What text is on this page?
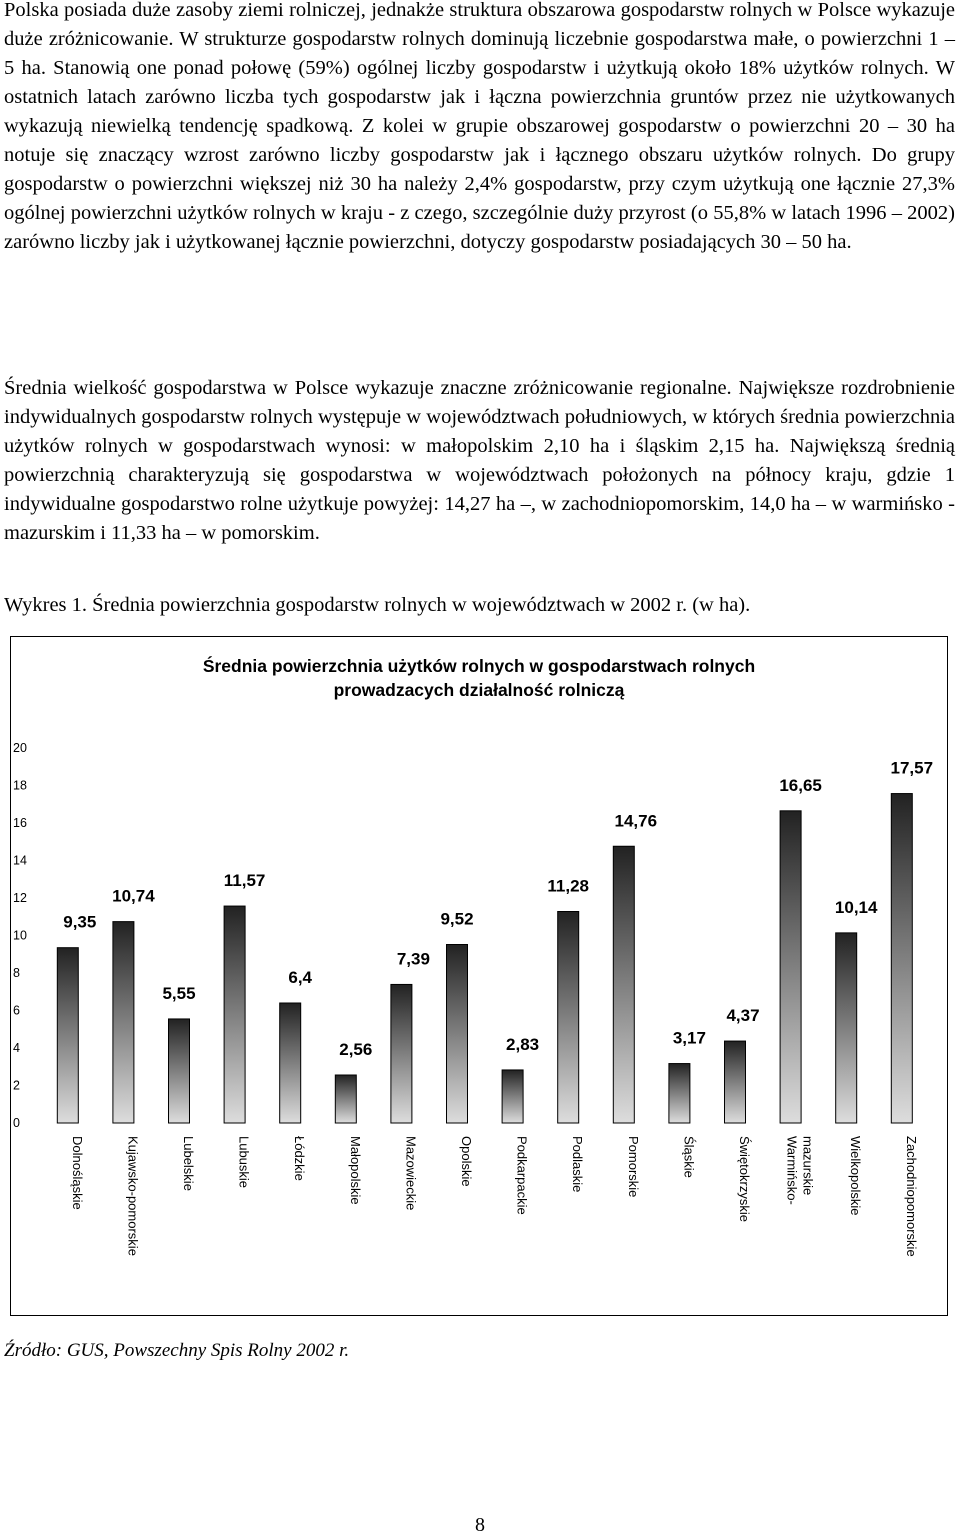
Polska posiada duże zasoby ziemi rolniczej, jednakże struktura obszarowa gospodarstw rolnych w Polsce wykazuje duże zróżnicowanie. W strukturze gospodarstw rolnych dominują liczebnie gospodarstwa małe, o powierzchni 1 – 5 ha. Stanowią one ponad połowę (59%) ogólnej liczby gospodarstw i użytkują około 18% użytków rolnych. W ostatnich latach zarówno liczba tych gospodarstw jak i łączna powierzchnia gruntów przez nie użytkowanych wykazują niewielką tendencję spadkową. Z kolei w grupie obszarowej gospodarstw o powierzchni 20 – 30 ha notuje się znaczący wzrost zarówno liczby gospodarstw jak i łącznego obszaru użytków rolnych. Do grupy gospodarstw o powierzchni większej niż 30 ha należy 2,4% gospodarstw, przy czym użytkują one łącznie 27,3% ogólnej powierzchni użytków rolnych w kraju - z czego, szczególnie duży przyrost (o 55,8% w latach 1996 – 2002) zarówno liczby jak i użytkowanej łącznie powierzchni, dotyczy gospodarstw posiadających 30 – 50 ha.

Średnia wielkość gospodarstwa w Polsce wykazuje znaczne zróżnicowanie regionalne. Największe rozdrobnienie indywidualnych gospodarstw rolnych występuje w województwach południowych, w których średnia powierzchnia użytków rolnych w gospodarstwach wynosi: w małopolskim 2,10 ha i śląskim 2,15 ha. Największą średnią powierzchnią charakteryzują się gospodarstwa w województwach położonych na północy kraju, gdzie 1 indywidualne gospodarstwo rolne użytkuje powyżej: 14,27 ha –, w zachodniopomorskim, 14,0 ha – w warmińsko - mazurskim i 11,33 ha – w pomorskim.

Wykres 1. Średnia powierzchnia gospodarstw rolnych w województwach w 2002 r. (w ha).

Średnia powierzchnia użytków rolnych w gospodarstwach rolnych
prowadzacych działalność rolniczą
0
2
4
6
8
10
12
14
16
18
20
9,35
10,74
5,55
11,57
6,4
2,56
7,39
9,52
2,83
11,28
14,76
3,17
4,37
16,65
10,14
17,57
Dolnośląskie	Kujawsko-pomorskie	Lubelskie	Lubuskie	Łódzkie	Małopolskie	Mazowieckie	Opolskie	Podkarpackie	Podlaskie	Pomorskie	Śląskie	Świętokrzyskie	Warmińsko- mazurskie	Wielkopolskie	Zachodniopomorskie

Źródło: GUS, Powszechny Spis Rolny 2002 r.

8
